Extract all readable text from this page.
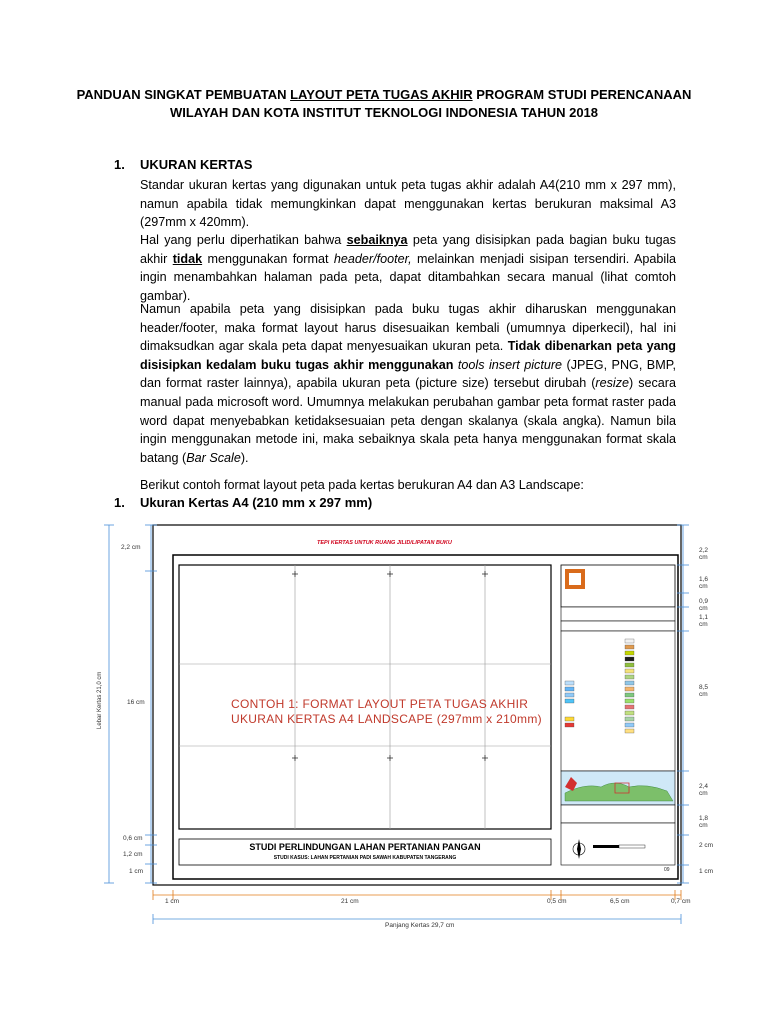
PANDUAN SINGKAT PEMBUATAN LAYOUT PETA TUGAS AKHIR PROGRAM STUDI PERENCANAAN
WILAYAH DAN KOTA INSTITUT TEKNOLOGI INDONESIA TAHUN 2018
1. UKURAN KERTAS
Standar ukuran kertas yang digunakan untuk peta tugas akhir adalah A4(210 mm x 297 mm), namun apabila tidak memungkinkan dapat menggunakan kertas berukuran maksimal A3 (297mm x 420mm).
Hal yang perlu diperhatikan bahwa sebaiknya peta yang disisipkan pada bagian buku tugas akhir tidak menggunakan format header/footer, melainkan menjadi sisipan tersendiri. Apabila ingin menambahkan halaman pada peta, dapat ditambahkan secara manual (lihat comtoh gambar).
Namun apabila peta yang disisipkan pada buku tugas akhir diharuskan menggunakan header/footer, maka format layout harus disesuaikan kembali (umumnya diperkecil), hal ini dimaksudkan agar skala peta dapat menyesuaikan ukuran peta. Tidak dibenarkan peta yang disisipkan kedalam buku tugas akhir menggunakan tools insert picture (JPEG, PNG, BMP, dan format raster lainnya), apabila ukuran peta (picture size) tersebut dirubah (resize) secara manual pada microsoft word. Umumnya melakukan perubahan gambar peta format raster pada word dapat menyebabkan ketidaksesuaian peta dengan skalanya (skala angka). Namun bila ingin menggunakan metode ini, maka sebaiknya skala peta hanya menggunakan format skala batang (Bar Scale).
Berikut contoh format layout peta pada kertas berukuran A4 dan A3 Landscape:
1. Ukuran Kertas A4 (210 mm x 297 mm)
TEPI KERTAS UNTUK RUANG JILID/LIPATAN BUKU
CONTOH 1: FORMAT LAYOUT PETA TUGAS AKHIR
UKURAN KERTAS A4 LANDSCAPE (297mm x 210mm)
STUDI PERLINDUNGAN LAHAN PERTANIAN PANGAN
STUDI KASUS: LAHAN PERTANIAN PADI SAWAH KABUPATEN TANGERANG
09
2,2 cm
16 cm
0,6 cm
1,2 cm
1 cm
Lebar Kertas 21,0 cm
2,2 cm
1,6 cm
0,9 cm
1,1 cm
8,5 cm
2,4 cm
1,8 cm
2 cm
1 cm
1 cm	21 cm	0,5 cm	6,5 cm	0,7 cm
Panjang Kertas 29,7 cm
